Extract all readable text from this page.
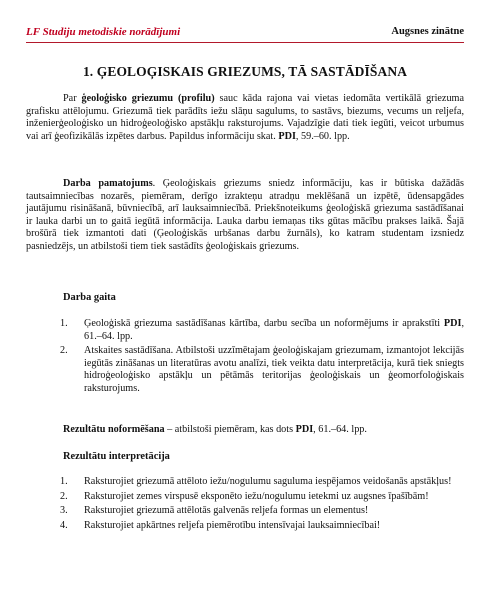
LF Studiju metodiskie norādījumi	Augsnes zinātne
1. ĢEOLOĢISKAIS GRIEZUMS, TĀ SASTĀDĪŠANA

Par ģeoloģisko griezumu (profilu) sauc kāda rajona vai vietas iedomāta vertikālā griezuma grafisku attēlojumu. Griezumā tiek parādīts iežu slāņu sagulums, to sastāvs, biezums, vecums un reljefa, inženierģeoloģisko un hidroģeoloģisko apstākļu raksturojums. Vajadzīgie dati tiek iegūti, veicot urbumus vai arī ģeofizikālās izpētes darbus. Papildus informāciju skat. PDI, 59.–60. lpp.

Darba pamatojums. Ģeoloģiskais griezums sniedz informāciju, kas ir būtiska dažādās tautsaimniecības nozarēs, piemēram, derīgo izrakteņu atradņu meklēšanā un izpētē, ūdensapgādes jautājumu risināšanā, būvniecībā, arī lauksaimniecībā. Priekšnoteikums ģeoloģiskā griezuma sastādīšanai ir lauka darbi un to gaitā iegūtā informācija. Lauka darbu iemaņas tiks gūtas mācību prakses laikā. Šajā brošūrā tiek izmantoti dati (Ģeoloģiskās urbšanas darbu žurnāls), ko katram studentam izsniedz pasniedzējs, un atbilstoši tiem tiek sastādīts ģeoloģiskais griezums.

Darba gaita
1. Ģeoloģiskā griezuma sastādīšanas kārtība, darbu secība un noformējums ir aprakstīti PDI, 61.–64. lpp.
2. Atskaites sastādīšana. Atbilstoši uzzīmētajam ģeoloģiskajam griezumam, izmantojot lekcijās iegūtās zināšanas un literatūras avotu analīzi, tiek veikta datu interpretācija, kurā tiek sniegts hidroģeoloģisko apstākļu un pētāmās teritorijas ģeoloģiskais un ģeomorfoloģiskais raksturojums.

Rezultātu noformēšana – atbilstoši piemēram, kas dots PDI, 61.–64. lpp.

Rezultātu interpretācija
1. Raksturojiet griezumā attēloto iežu/nogulumu saguluma iespējamos veidošanās apstākļus!
2. Raksturojiet zemes virspusē eksponēto iežu/nogulumu ietekmi uz augsnes īpašībām!
3. Raksturojiet griezumā attēlotās galvenās reljefa formas un elementus!
4. Raksturojiet apkārtnes reljefa piemērotību intensīvajai lauksaimniecībai!
